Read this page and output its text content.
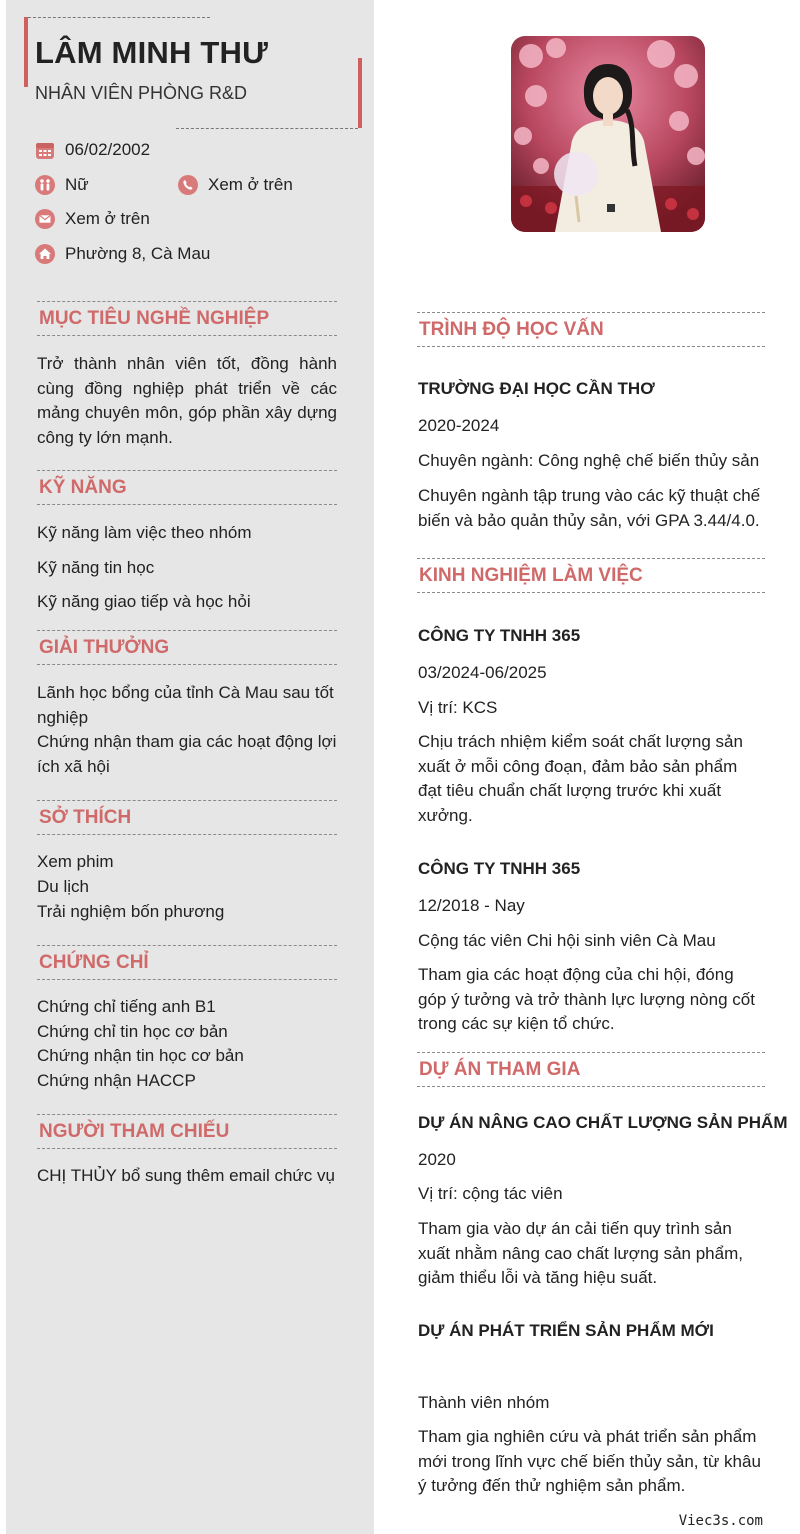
LÂM MINH THƯ
NHÂN VIÊN PHÒNG R&D
06/02/2002
Nữ	Xem ở trên
Xem ở trên
Phường 8, Cà Mau
MỤC TIÊU NGHỀ NGHIỆP
Trở thành nhân viên tốt, đồng hành cùng đồng nghiệp phát triển về các mảng chuyên môn, góp phần xây dựng công ty lớn mạnh.
KỸ NĂNG
Kỹ năng làm việc theo nhóm
Kỹ năng tin học
Kỹ năng giao tiếp và học hỏi
GIẢI THƯỞNG
Lãnh học bổng của tỉnh Cà Mau sau tốt nghiệp
Chứng nhận tham gia các hoạt động lợi ích xã hội
SỞ THÍCH
Xem phim
Du lịch
Trải nghiệm bốn phương
CHỨNG CHỈ
Chứng chỉ tiếng anh B1
Chứng chỉ tin học cơ bản
Chứng nhận tin học cơ bản
Chứng nhận HACCP
NGƯỜI THAM CHIẾU
CHỊ THỦY bổ sung thêm email chức vụ
TRÌNH ĐỘ HỌC VẤN
TRƯỜNG ĐẠI HỌC CẦN THƠ
2020-2024
Chuyên ngành: Công nghệ chế biến thủy sản
Chuyên ngành tập trung vào các kỹ thuật chế biến và bảo quản thủy sản, với GPA 3.44/4.0.
KINH NGHIỆM LÀM VIỆC
CÔNG TY TNHH 365
03/2024-06/2025
Vị trí: KCS
Chịu trách nhiệm kiểm soát chất lượng sản xuất ở mỗi công đoạn, đảm bảo sản phẩm đạt tiêu chuẩn chất lượng trước khi xuất xưởng.
CÔNG TY TNHH 365
12/2018 - Nay
Cộng tác viên Chi hội sinh viên Cà Mau
Tham gia các hoạt động của chi hội, đóng góp ý tưởng và trở thành lực lượng nòng cốt trong các sự kiện tổ chức.
DỰ ÁN THAM GIA
DỰ ÁN NÂNG CAO CHẤT LƯỢNG SẢN PHẨM
2020
Vị trí: cộng tác viên
Tham gia vào dự án cải tiến quy trình sản xuất nhằm nâng cao chất lượng sản phẩm, giảm thiểu lỗi và tăng hiệu suất.
DỰ ÁN PHÁT TRIỂN SẢN PHẨM MỚI
Thành viên nhóm
Tham gia nghiên cứu và phát triển sản phẩm mới trong lĩnh vực chế biến thủy sản, từ khâu ý tưởng đến thử nghiệm sản phẩm.
Viec3s.com
